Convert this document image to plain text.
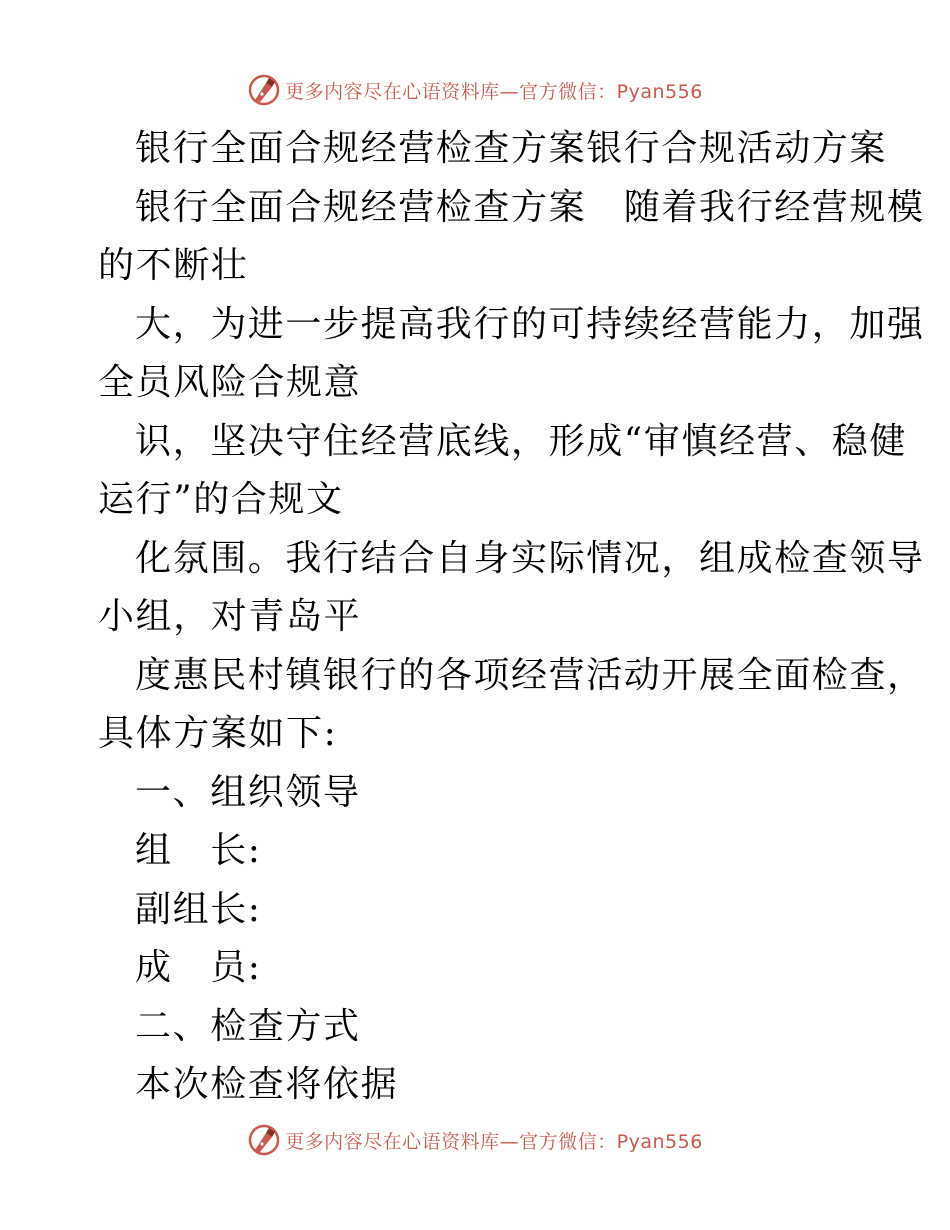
更多内容尽在心语资料库—官方微信：Pyan556
银行全面合规经营检查方案银行合规活动方案
银行全面合规经营检查方案　随着我行经营规模
的不断壮
大，为进一步提高我行的可持续经营能力，加强
全员风险合规意
识，坚决守住经营底线，形成“审慎经营、稳健
运行”的合规文
化氛围。我行结合自身实际情况，组成检查领导
小组，对青岛平
度惠民村镇银行的各项经营活动开展全面检查，
具体方案如下:
一、组织领导
组　长:
副组长:
成　员:
二、检查方式
本次检查将依据
更多内容尽在心语资料库—官方微信：Pyan556
